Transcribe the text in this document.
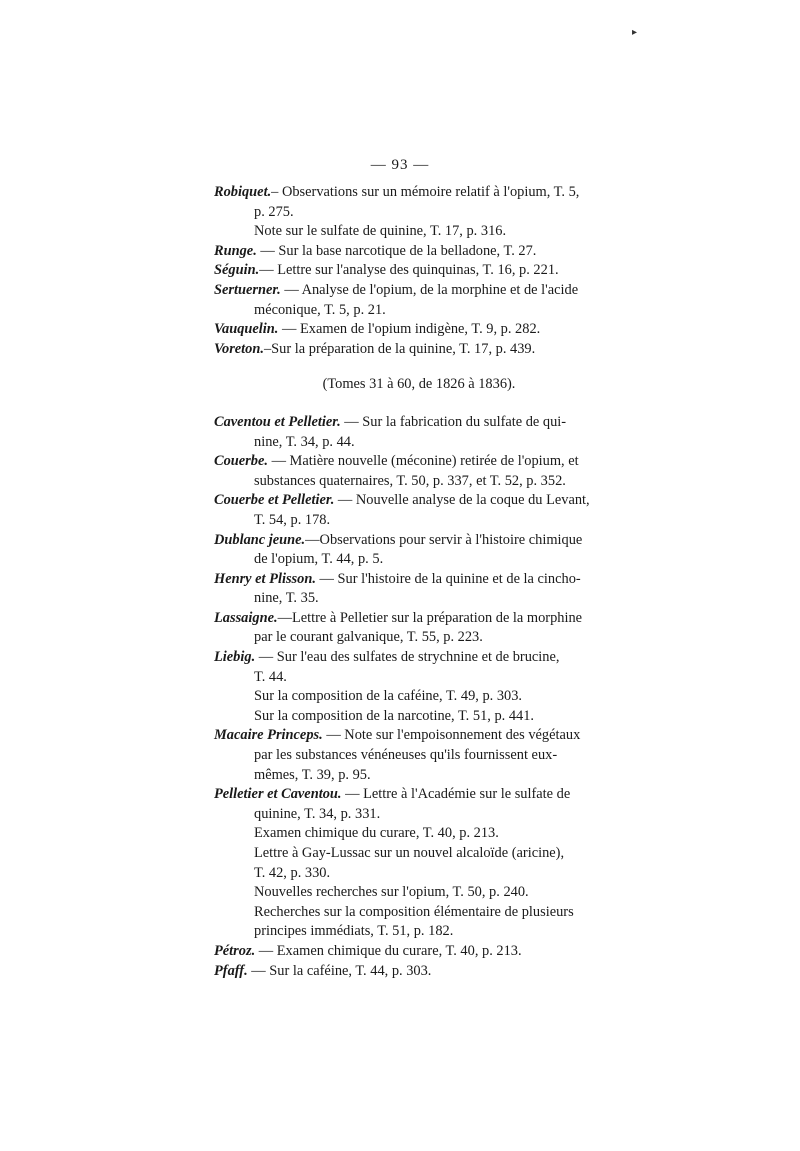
▸
— 93 —
Robiquet.– Observations sur un mémoire relatif à l'opium, T. 5,
p. 275.
Note sur le sulfate de quinine, T. 17, p. 316.
Runge. — Sur la base narcotique de la belladone, T. 27.
Séguin.— Lettre sur l'analyse des quinquinas, T. 16, p. 221.
Sertuerner. — Analyse de l'opium, de la morphine et de l'acide
méconique, T. 5, p. 21.
Vauquelin. — Examen de l'opium indigène, T. 9, p. 282.
Voreton.–Sur la préparation de la quinine, T. 17, p. 439.
(Tomes 31 à 60, de 1826 à 1836).
Caventou et Pelletier. — Sur la fabrication du sulfate de qui-
nine, T. 34, p. 44.
Couerbe. — Matière nouvelle (méconine) retirée de l'opium, et
substances quaternaires, T. 50, p. 337, et T. 52, p. 352.
Couerbe et Pelletier. — Nouvelle analyse de la coque du Levant,
T. 54, p. 178.
Dublanc jeune.—Observations pour servir à l'histoire chimique
de l'opium, T. 44, p. 5.
Henry et Plisson. — Sur l'histoire de la quinine et de la cincho-
nine, T. 35.
Lassaigne.—Lettre à Pelletier sur la préparation de la morphine
par le courant galvanique, T. 55, p. 223.
Liebig. — Sur l'eau des sulfates de strychnine et de brucine,
T. 44.
Sur la composition de la caféine, T. 49, p. 303.
Sur la composition de la narcotine, T. 51, p. 441.
Macaire Princeps. — Note sur l'empoisonnement des végétaux
par les substances vénéneuses qu'ils fournissent eux-
mêmes, T. 39, p. 95.
Pelletier et Caventou. — Lettre à l'Académie sur le sulfate de
quinine, T. 34, p. 331.
Examen chimique du curare, T. 40, p. 213.
Lettre à Gay-Lussac sur un nouvel alcaloïde (aricine),
T. 42, p. 330.
Nouvelles recherches sur l'opium, T. 50, p. 240.
Recherches sur la composition élémentaire de plusieurs
principes immédiats, T. 51, p. 182.
Pétroz. — Examen chimique du curare, T. 40, p. 213.
Pfaff. — Sur la caféine, T. 44, p. 303.
